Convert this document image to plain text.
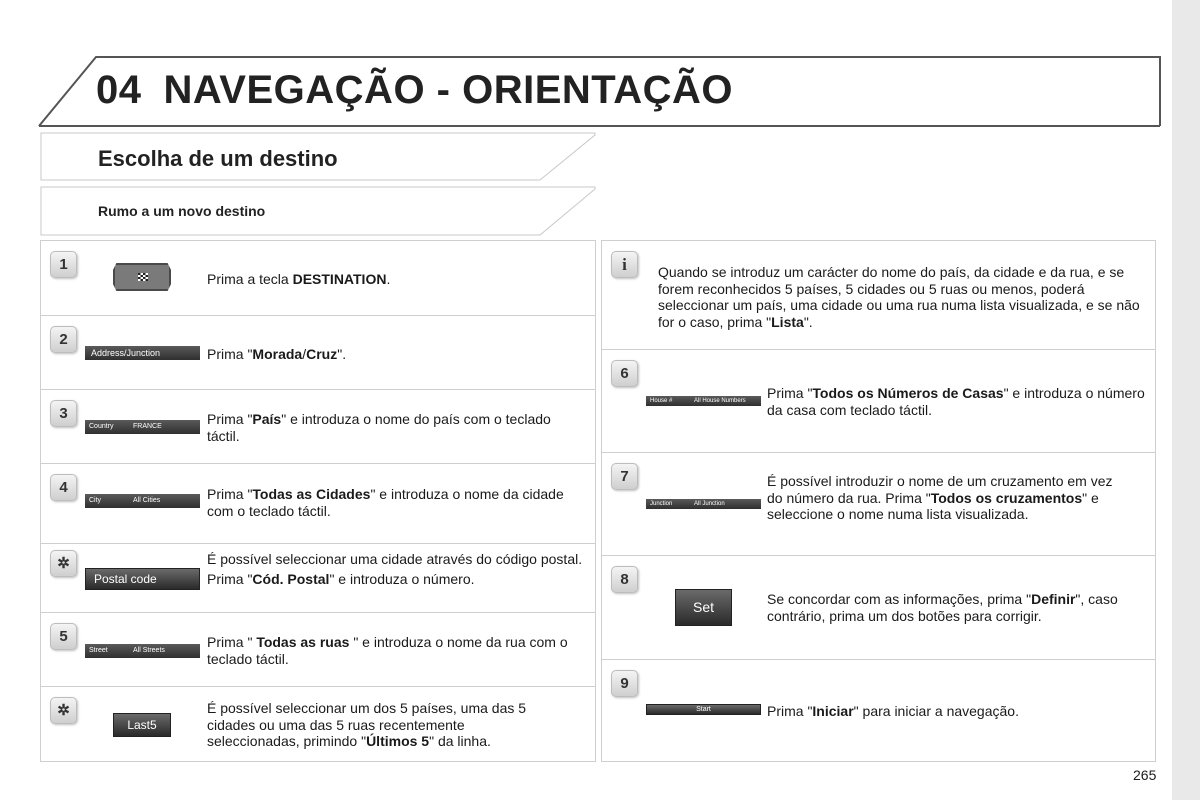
04 NAVEGAÇÃO - ORIENTAÇÃO
Escolha de um destino
Rumo a um novo destino
1
Prima a tecla DESTINATION.
2
Address/Junction	Prima "Morada/Cruz".
3
Country	FRANCE	Prima "País" e introduza o nome do país com o teclado táctil.
4
City	All Cities	Prima "Todas as Cidades" e introduza o nome da cidade com o teclado táctil.
✲
Postal code
É possível seleccionar uma cidade através do código postal.
Prima "Cód. Postal" e introduza o número.
5
Street	All Streets
Prima " Todas as ruas " e introduza o nome da rua com o teclado táctil.
✲
Last5
É possível seleccionar um dos 5 países, uma das 5 cidades ou uma das 5 ruas recentemente seleccionadas, primindo "Últimos 5" da linha.
i	Quando se introduz um carácter do nome do país, da cidade e da rua, e se forem reconhecidos 5 países, 5 cidades ou 5 ruas ou menos, poderá seleccionar um país, uma cidade ou uma rua numa lista visualizada, e se não for o caso, prima "Lista".
6
House #	All House Numbers Prima "Todos os Números de Casas" e introduza o número da casa com teclado táctil.
7
Junction	All Junction
É possível introduzir o nome de um cruzamento em vez do número da rua. Prima "Todos os cruzamentos" e seleccione o nome numa lista visualizada.
8
Set	Se concordar com as informações, prima "Definir", caso contrário, prima um dos botões para corrigir.
9
Start	Prima "Iniciar" para iniciar a navegação.
265
